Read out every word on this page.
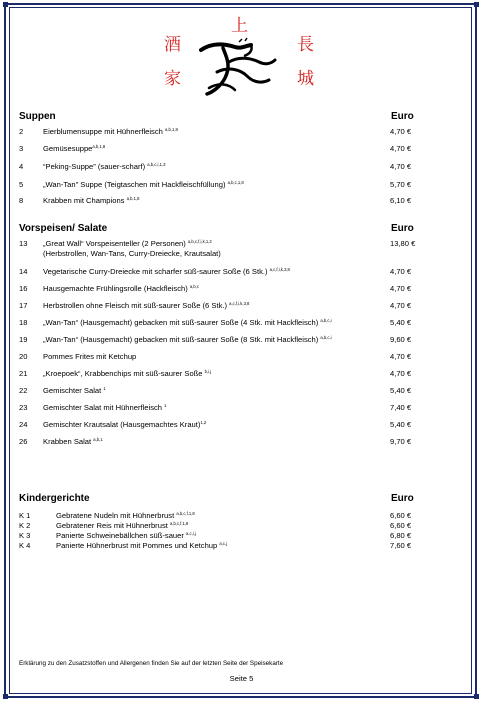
酒
家
上
長
城
Suppen	Euro
2	Eierblumensuppe mit Hühnerfleisch $^{a,b,1,8}$	4,70 €
3	Gemüsesuppe$^{a,b,1,8}$	4,70 €
4	“Peking-Suppe” (sauer-scharf) $^{a,b,c,i,1,3}$	4,70 €
5	„Wan-Tan” Suppe (Teigtaschen mit Hackfleischfüllung) $^{a,b,c,1,8}$	5,70 €
8	Krabben mit Champions $^{a,b,1,8}$	6,10 €
Vorspeisen/ Salate	Euro
13 „Great Wall“ Vorspeisenteller (2 Personen) $^{a,b,c,f,i,k,1,2}$
(Herbstrollen, Wan-Tans, Curry-Dreiecke, Krautsalat)
13,80 €
14 Vegetarische Curry-Dreiecke mit scharfer süß-saurer Soße (6 Stk.) $^{a,c,f,i,k,3,8}$	4,70 €
16 Hausgemachte Frühlingsrolle (Hackfleisch) $^{a,b,c}$	4,70 €
17 Herbstrollen ohne Fleisch mit süß-saurer Soße (6 Stk.) $^{a,c,f,i,k,3,8}$	4,70 €
18 „Wan-Tan“ (Hausgemacht) gebacken mit süß-saurer Soße (4 Stk. mit Hackfleisch) $^{a,b,c,i}$	5,40 €
19 „Wan-Tan“ (Hausgemacht) gebacken mit süß-saurer Soße (8 Stk. mit Hackfleisch) $^{a,b,c,i}$	9,60 €
20 Pommes Frites mit Ketchup	4,70 €
21 „Kroepoek“, Krabbenchips mit süß-saurer Soße $^{b,i,j}$	4,70 €
22 Gemischter Salat $^1$	5,40 €
23 Gemischter Salat mit Hühnerfleisch $^1$	7,40 €
24 Gemischter Krautsalat (Hausgemachtes Kraut)$^{1,2}$	5,40 €
26 Krabben Salat $^{a,b,1}$	9,70 €
Kindergerichte	Euro
K 1	Gebratene Nudeln mit Hühnerbrust $^{a,b,c,f,1,8}$	6,60 €
K 2	Gebratener Reis mit Hühnerbrust $^{a,b,c,f,1,8}$	6,60 €
K 3	Panierte Schweinebällchen süß-sauer $^{a,c,i,j}$	6,80 €
K 4	Panierte Hühnerbrust mit Pommes und Ketchup $^{a,c,j}$	7,60 €
Erklärung zu den Zusatzstoffen und Allergenen finden Sie auf der letzten Seite der Speisekarte
Seite 5
